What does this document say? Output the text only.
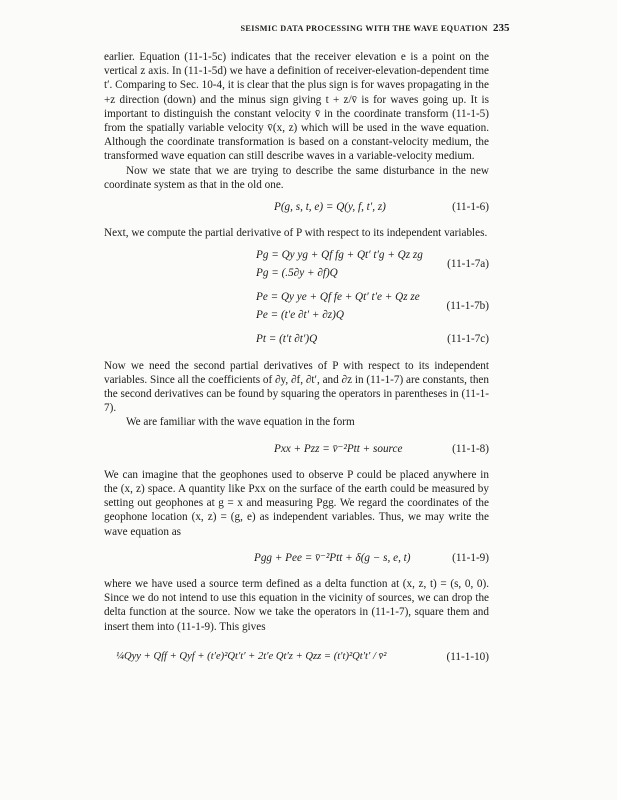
SEISMIC DATA PROCESSING WITH THE WAVE EQUATION 235

earlier. Equation (11-1-5c) indicates that the receiver elevation e is a point on the vertical z axis. In (11-1-5d) we have a definition of receiver-elevation-dependent time t′. Comparing to Sec. 10-4, it is clear that the plus sign is for waves propagating in the +z direction (down) and the minus sign giving t + z/v̄ is for waves going up. It is important to distinguish the constant velocity v̄ in the coordinate transform (11-1-5) from the spatially variable velocity v̄(x, z) which will be used in the wave equation. Although the coordinate transformation is based on a constant-velocity medium, the transformed wave equation can still describe waves in a variable-velocity medium.

Now we state that we are trying to describe the same disturbance in the new coordinate system as that in the old one.

P(g, s, t, e) = Q(y, f, t′, z)	(11-1-6)

Next, we compute the partial derivative of P with respect to its independent variables.

Pg = Qy yg + Qf fg + Qt′ t′g + Qz zg
Pg = (.5∂y + ∂f)Q
(11-1-7a)
Pe = Qy ye + Qf fe + Qt′ t′e + Qz ze
Pe = (t′e ∂t′ + ∂z)Q
(11-1-7b)
Pt = (t′t ∂t′)Q	(11-1-7c)

Now we need the second partial derivatives of P with respect to its independent variables. Since all the coefficients of ∂y, ∂f, ∂t′, and ∂z in (11-1-7) are constants, then the second derivatives can be found by squaring the operators in parentheses in (11-1-7).

We are familiar with the wave equation in the form

Pxx + Pzz = v̄⁻²Ptt + source	(11-1-8)

We can imagine that the geophones used to observe P could be placed anywhere in the (x, z) space. A quantity like Pxx on the surface of the earth could be measured by setting out geophones at g = x and measuring Pgg. We regard the coordinates of the geophone location (x, z) = (g, e) as independent variables. Thus, we may write the wave equation as

Pgg + Pee = v̄⁻²Ptt + δ(g − s, e, t)	(11-1-9)

where we have used a source term defined as a delta function at (x, z, t) = (s, 0, 0). Since we do not intend to use this equation in the vicinity of sources, we can drop the delta function at the source. Now we take the operators in (11-1-7), square them and insert them into (11-1-9). This gives

¼Qyy + Qff + Qyf + (t′e)²Qt′t′ + 2t′e Qt′z + Qzz = (t′t)²Qt′t′ / v̄²	(11-1-10)
